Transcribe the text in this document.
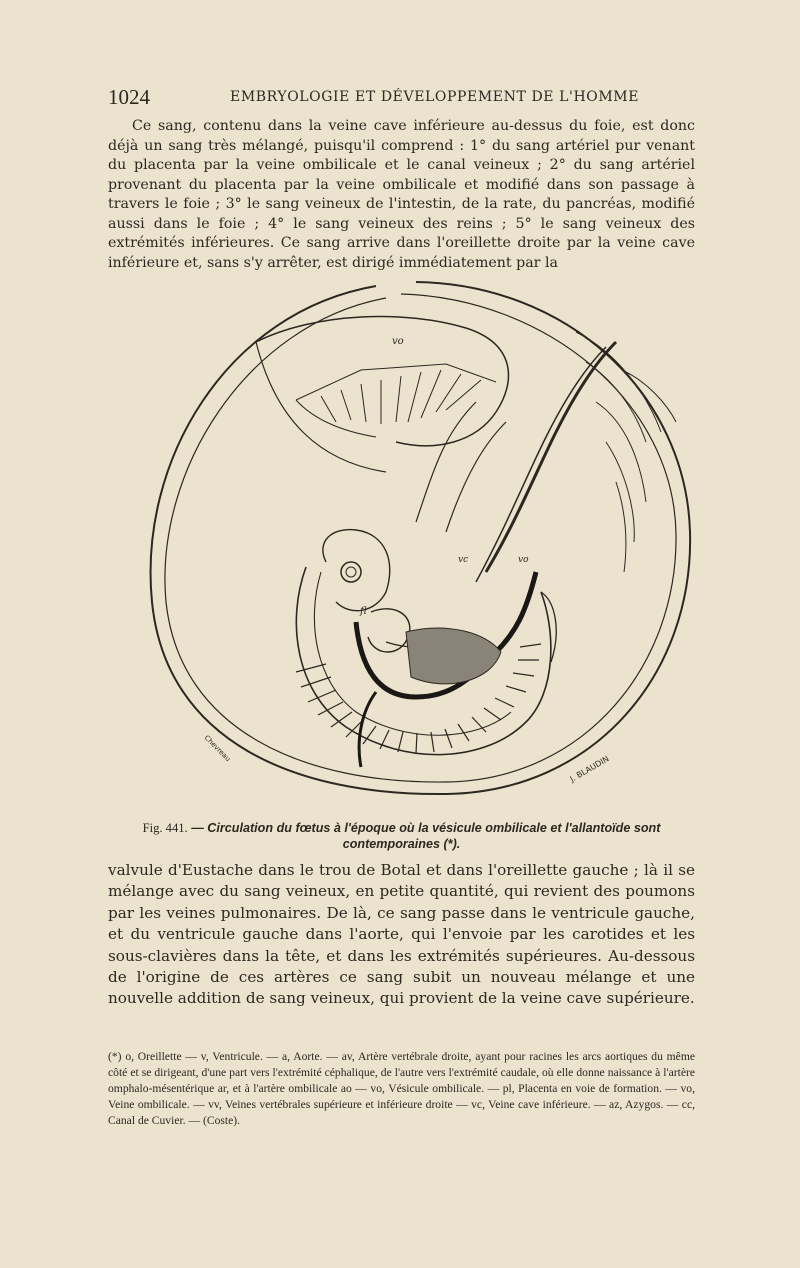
1024	EMBRYOLOGIE ET DÉVELOPPEMENT DE L'HOMME

Ce sang, contenu dans la veine cave inférieure au-dessus du foie, est donc déjà un sang très mélangé, puisqu'il comprend : 1° du sang artériel pur venant du placenta par la veine ombilicale et le canal veineux ; 2° du sang artériel provenant du placenta par la veine ombilicale et modifié dans son passage à travers le foie ; 3° le sang veineux de l'intestin, de la rate, du pancréas, modifié aussi dans le foie ; 4° le sang veineux des reins ; 5° le sang veineux des extrémités inférieures. Ce sang arrive dans l'oreillette droite par la veine cave inférieure et, sans s'y arrêter, est dirigé immédiatement par la

vo
vo
fl
vc
J. BLAUDIN
Chevreau
Fig. 441. — Circulation du fœtus à l'époque où la vésicule ombilicale et l'allantoïde sont contemporaines (*).

valvule d'Eustache dans le trou de Botal et dans l'oreillette gauche ; là il se mélange avec du sang veineux, en petite quantité, qui revient des poumons par les veines pulmonaires. De là, ce sang passe dans le ventricule gauche, et du ventricule gauche dans l'aorte, qui l'envoie par les carotides et les sous-clavières dans la tête, et dans les extrémités supérieures. Au-dessous de l'origine de ces artères ce sang subit un nouveau mélange et une nouvelle addition de sang veineux, qui provient de la veine cave supérieure.

(*) o, Oreillette — v, Ventricule. — a, Aorte. — av, Artère vertébrale droite, ayant pour racines les arcs aortiques du même côté et se dirigeant, d'une part vers l'extrémité céphalique, de l'autre vers l'extrémité caudale, où elle donne naissance à l'artère omphalo-mésentérique ar, et à l'artère ombilicale ao — vo, Vésicule ombilicale. — pl, Placenta en voie de formation. — vo, Veine ombilicale. — vv, Veines vertébrales supérieure et inférieure droite — vc, Veine cave inférieure. — az, Azygos. — cc, Canal de Cuvier. — (Coste).
